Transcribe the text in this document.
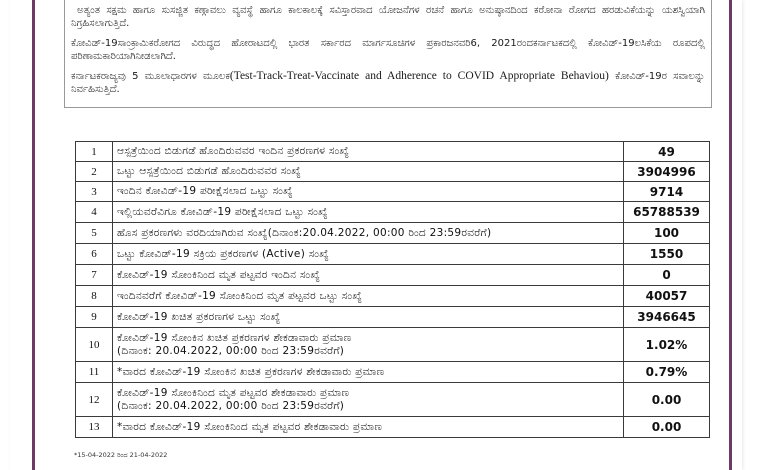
ಅತ್ಯಂತ ಸಕ್ಷಮ ಹಾಗೂ ಸುಸಜ್ಜಿತ ಕಣ್ಗಾವಲು ವ್ಯವಸ್ಥೆ ಹಾಗೂ ಕಾಲಕಾಲಕ್ಕೆ ಸವಿಸ್ತಾರವಾದ ಯೋಜನೆಗಳ ರಚನೆ ಹಾಗೂ ಅನುಷ್ಠಾನದಿಂದ ಕರೋನಾ ರೋಗದ ಹರಡುವಿಕೆಯನ್ನು ಯಶಸ್ವಿಯಾಗಿ ನಿಗ್ರಹಿಸಲಾಗುತ್ತಿದೆ.

ಕೋವಿಡ್-19ಸಾಂಕ್ರಾಮಿಕರೋಗದ ವಿರುದ್ಧದ ಹೋರಾಟದಲ್ಲಿ ಭಾರತ ಸರ್ಕಾರದ ಮಾರ್ಗಸೂಚಿಗಳ ಪ್ರಕಾರಜನವರಿ6, 2021ರಂದಕರ್ನಾಟಕದಲ್ಲಿ ಕೋವಿಡ್-19ಲಸಿಕೆಯ ರೂಪದಲ್ಲಿ ಪರಿಣಾಮಕಾರಿಯಾಗಿನೀಡಲಾಗಿದೆ.

ಕರ್ನಾಟಕರಾಜ್ಯವು 5 ಮೂಲಾಧಾರಗಳ ಮೂಲಕ(Test-Track-Treat-Vaccinate and Adherence to COVID Appropriate Behaviou) ಕೋವಿಡ್-19ರ ಸವಾಲನ್ನು ನಿರ್ವಹಿಸುತ್ತಿದೆ.

1	ಆಸ್ಪತ್ರೆಯಿಂದ ಬಿಡುಗಡೆ ಹೊಂದಿರುವವರ ಇಂದಿನ ಪ್ರಕರಣಗಳ ಸಂಖ್ಯೆ	49
2	ಒಟ್ಟು ಆಸ್ಪತ್ರೆಯಿಂದ ಬಿಡುಗಡೆ ಹೊಂದಿರುವವರ ಸಂಖ್ಯೆ	3904996
3	ಇಂದಿನ ಕೋವಿಡ್-19 ಪರೀಕ್ಷೆಸಲಾದ ಒಟ್ಟು ಸಂಖ್ಯೆ	9714
4	ಇಲ್ಲಿಯವರೆವಿಗೂ ಕೋವಿಡ್-19 ಪರೀಕ್ಷೆಸಲಾದ ಒಟ್ಟು ಸಂಖ್ಯೆ	65788539
5	ಹೊಸ ಪ್ರಕರಣಗಳು ವರದಿಯಾಗಿರುವ ಸಂಖ್ಯೆ(ದಿನಾಂಕ:20.04.2022, 00:00 ರಿಂದ 23:59ರವರೆಗೆ)	100
6	ಒಟ್ಟು ಕೋವಿಡ್-19 ಸಕ್ರಿಯ ಪ್ರಕರಣಗಳ (Active) ಸಂಖ್ಯೆ	1550
7	ಕೋವಿಡ್-19 ಸೋಂಕಿನಿಂದ ಮೃತ ಪಟ್ಟವರ ಇಂದಿನ ಸಂಖ್ಯೆ	0
8	ಇಂದಿನವರೆಗೆ ಕೋವಿಡ್-19 ಸೋಂಕಿನಿಂದ ಮೃತ ಪಟ್ಟವರ ಒಟ್ಟು ಸಂಖ್ಯೆ	40057
9	ಕೋವಿಡ್-19 ಖಚಿತ ಪ್ರಕರಣಗಳ ಒಟ್ಟು ಸಂಖ್ಯೆ	3946645
10	ಕೋವಿಡ್-19 ಸೋಂಕಿನ ಖಚಿತ ಪ್ರಕರಣಗಳ ಶೇಕಡಾವಾರು ಪ್ರಮಾಣ
(ದಿನಾಂಕ: 20.04.2022, 00:00 ರಿಂದ 23:59ರವರೆಗೆ)	1.02%
11	*ವಾರದ ಕೋವಿಡ್-19 ಸೋಂಕಿನ ಖಚಿತ ಪ್ರಕರಣಗಳ ಶೇಕಡಾವಾರು ಪ್ರಮಾಣ	0.79%
12	ಕೋವಿಡ್-19 ಸೋಂಕಿನಿಂದ ಮೃತ ಪಟ್ಟವರ ಶೇಕಡಾವಾರು ಪ್ರಮಾಣ
(ದಿನಾಂಕ: 20.04.2022, 00:00 ರಿಂದ 23:59ರವರೆಗೆ)	0.00
13	*ವಾರದ ಕೋವಿಡ್-19 ಸೋಂಕಿನಿಂದ ಮೃತ ಪಟ್ಟವರ ಶೇಕಡಾವಾರು ಪ್ರಮಾಣ	0.00
*15-04-2022 ರಿಂದ 21-04-2022
